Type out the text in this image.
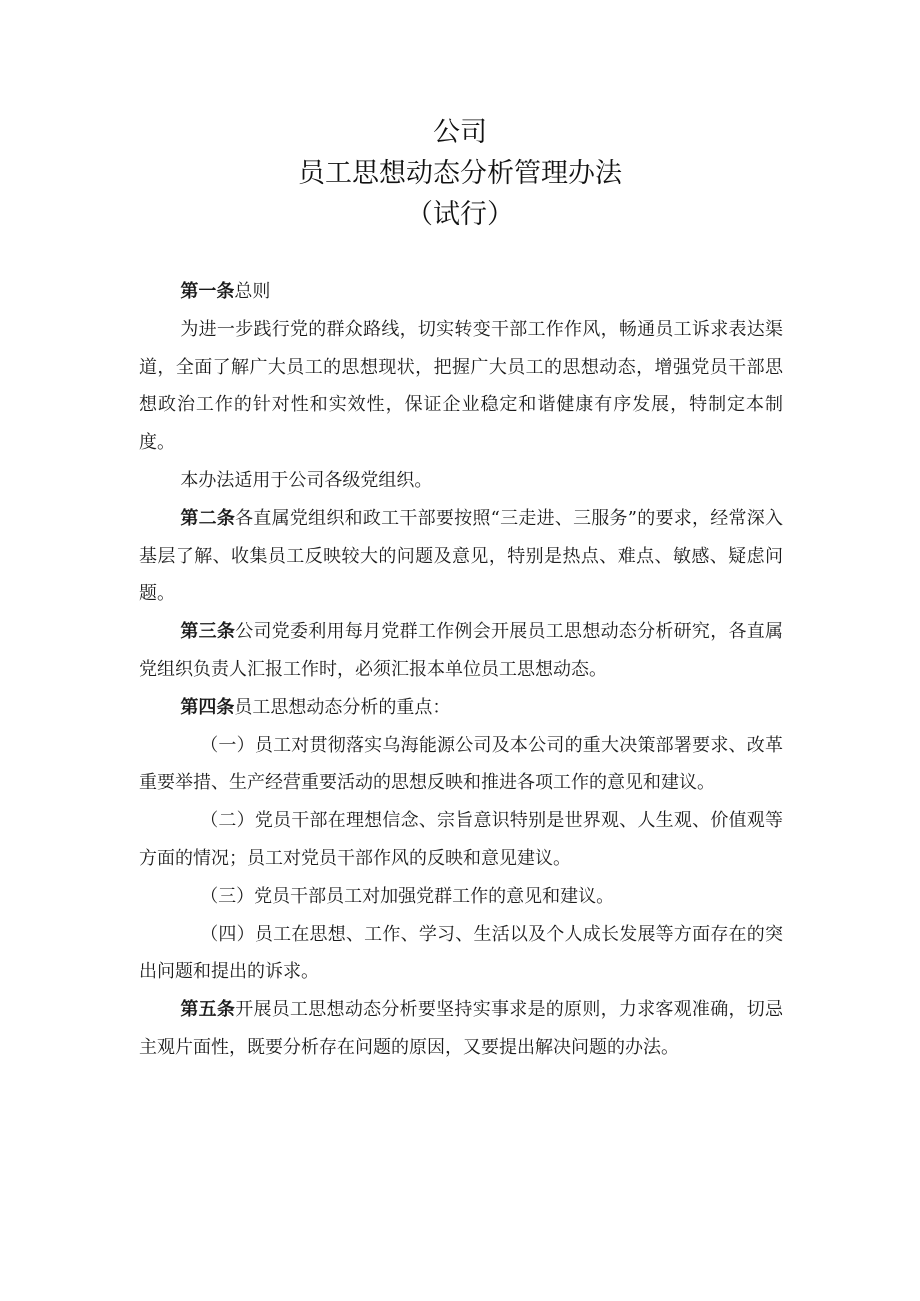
公司
员工思想动态分析管理办法
（试行）

第一条总则

为进一步践行党的群众路线，切实转变干部工作作风，畅通员工诉求表达渠道，全面了解广大员工的思想现状，把握广大员工的思想动态，增强党员干部思想政治工作的针对性和实效性，保证企业稳定和谐健康有序发展，特制定本制度。

本办法适用于公司各级党组织。

第二条各直属党组织和政工干部要按照“三走进、三服务”的要求，经常深入基层了解、收集员工反映较大的问题及意见，特别是热点、难点、敏感、疑虑问题。

第三条公司党委利用每月党群工作例会开展员工思想动态分析研究，各直属党组织负责人汇报工作时，必须汇报本单位员工思想动态。

第四条员工思想动态分析的重点：

（一）员工对贯彻落实乌海能源公司及本公司的重大决策部署要求、改革重要举措、生产经营重要活动的思想反映和推进各项工作的意见和建议。

（二）党员干部在理想信念、宗旨意识特别是世界观、人生观、价值观等方面的情况；员工对党员干部作风的反映和意见建议。

（三）党员干部员工对加强党群工作的意见和建议。

（四）员工在思想、工作、学习、生活以及个人成长发展等方面存在的突出问题和提出的诉求。

第五条开展员工思想动态分析要坚持实事求是的原则，力求客观准确，切忌主观片面性，既要分析存在问题的原因，又要提出解决问题的办法。
